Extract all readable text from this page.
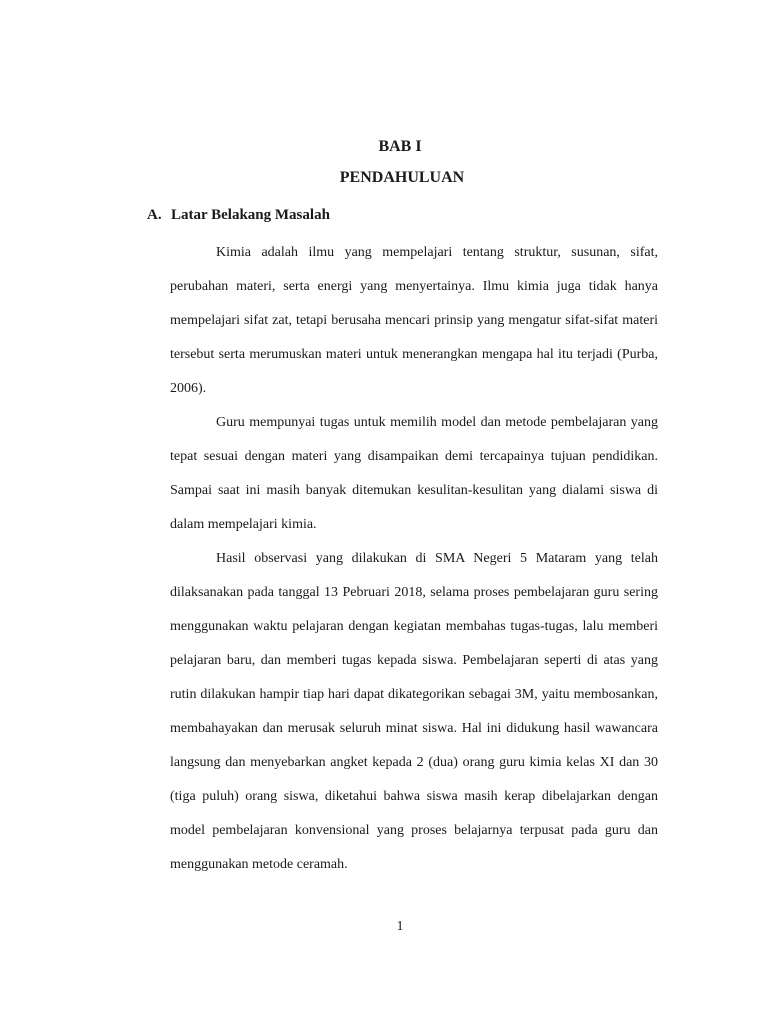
BAB I
PENDAHULUAN
A. Latar Belakang Masalah

Kimia adalah ilmu yang mempelajari tentang struktur, susunan, sifat, perubahan materi, serta energi yang menyertainya. Ilmu kimia juga tidak hanya mempelajari sifat zat, tetapi berusaha mencari prinsip yang mengatur sifat-sifat materi tersebut serta merumuskan materi untuk menerangkan mengapa hal itu terjadi (Purba, 2006).

Guru mempunyai tugas untuk memilih model dan metode pembelajaran yang tepat sesuai dengan materi yang disampaikan demi tercapainya tujuan pendidikan. Sampai saat ini masih banyak ditemukan kesulitan-kesulitan yang dialami siswa di dalam mempelajari kimia.

Hasil observasi yang dilakukan di SMA Negeri 5 Mataram yang telah dilaksanakan pada tanggal 13 Pebruari 2018, selama proses pembelajaran guru sering menggunakan waktu pelajaran dengan kegiatan membahas tugas-tugas, lalu memberi pelajaran baru, dan memberi tugas kepada siswa. Pembelajaran seperti di atas yang rutin dilakukan hampir tiap hari dapat dikategorikan sebagai 3M, yaitu membosankan, membahayakan dan merusak seluruh minat siswa. Hal ini didukung hasil wawancara langsung dan menyebarkan angket kepada 2 (dua) orang guru kimia kelas XI dan 30 (tiga puluh) orang siswa, diketahui bahwa siswa masih kerap dibelajarkan dengan model pembelajaran konvensional yang proses belajarnya terpusat pada guru dan menggunakan metode ceramah.

1
